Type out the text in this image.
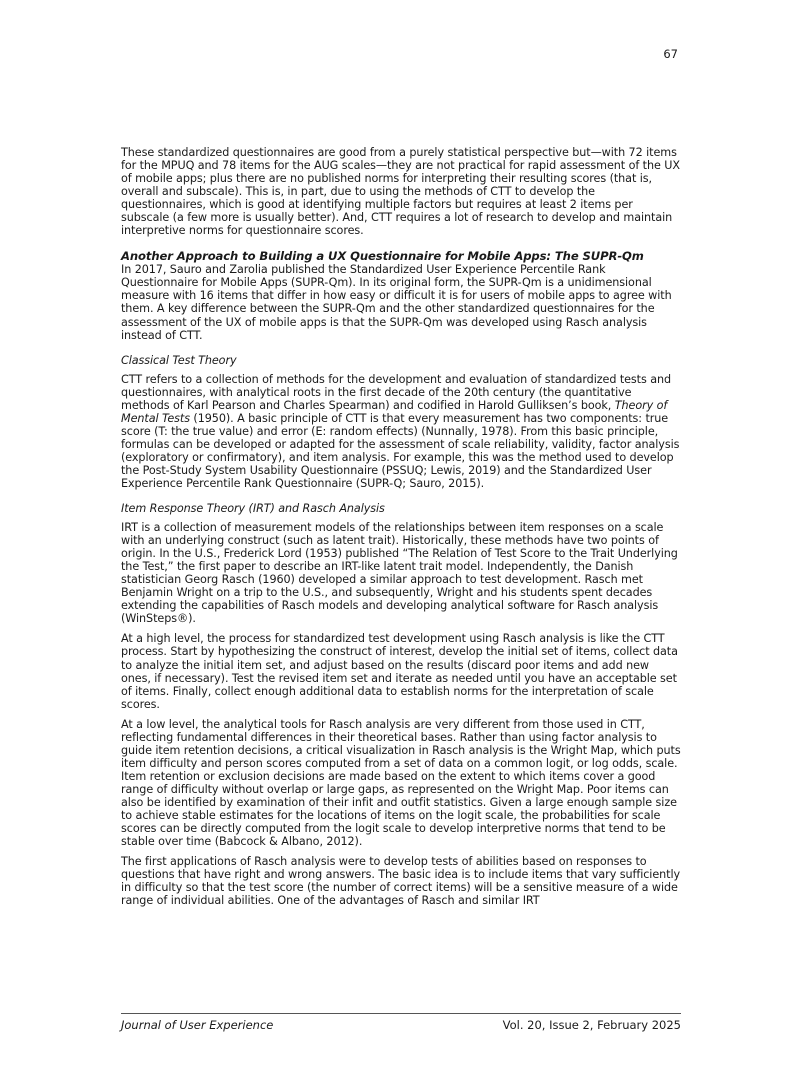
67

These standardized questionnaires are good from a purely statistical perspective but—with 72 items for the MPUQ and 78 items for the AUG scales—they are not practical for rapid assessment of the UX of mobile apps; plus there are no published norms for interpreting their resulting scores (that is, overall and subscale). This is, in part, due to using the methods of CTT to develop the questionnaires, which is good at identifying multiple factors but requires at least 2 items per subscale (a few more is usually better). And, CTT requires a lot of research to develop and maintain interpretive norms for questionnaire scores.

Another Approach to Building a UX Questionnaire for Mobile Apps: The SUPR-Qm

In 2017, Sauro and Zarolia published the Standardized User Experience Percentile Rank Questionnaire for Mobile Apps (SUPR-Qm). In its original form, the SUPR-Qm is a unidimensional measure with 16 items that differ in how easy or difficult it is for users of mobile apps to agree with them. A key difference between the SUPR-Qm and the other standardized questionnaires for the assessment of the UX of mobile apps is that the SUPR-Qm was developed using Rasch analysis instead of CTT.

Classical Test Theory

CTT refers to a collection of methods for the development and evaluation of standardized tests and questionnaires, with analytical roots in the first decade of the 20th century (the quantitative methods of Karl Pearson and Charles Spearman) and codified in Harold Gulliksen’s book, Theory of Mental Tests (1950). A basic principle of CTT is that every measurement has two components: true score (T: the true value) and error (E: random effects) (Nunnally, 1978). From this basic principle, formulas can be developed or adapted for the assessment of scale reliability, validity, factor analysis (exploratory or confirmatory), and item analysis. For example, this was the method used to develop the Post-Study System Usability Questionnaire (PSSUQ; Lewis, 2019) and the Standardized User Experience Percentile Rank Questionnaire (SUPR-Q; Sauro, 2015).

Item Response Theory (IRT) and Rasch Analysis

IRT is a collection of measurement models of the relationships between item responses on a scale with an underlying construct (such as latent trait). Historically, these methods have two points of origin. In the U.S., Frederick Lord (1953) published “The Relation of Test Score to the Trait Underlying the Test,” the first paper to describe an IRT-like latent trait model. Independently, the Danish statistician Georg Rasch (1960) developed a similar approach to test development. Rasch met Benjamin Wright on a trip to the U.S., and subsequently, Wright and his students spent decades extending the capabilities of Rasch models and developing analytical software for Rasch analysis (WinSteps®).

At a high level, the process for standardized test development using Rasch analysis is like the CTT process. Start by hypothesizing the construct of interest, develop the initial set of items, collect data to analyze the initial item set, and adjust based on the results (discard poor items and add new ones, if necessary). Test the revised item set and iterate as needed until you have an acceptable set of items. Finally, collect enough additional data to establish norms for the interpretation of scale scores.

At a low level, the analytical tools for Rasch analysis are very different from those used in CTT, reflecting fundamental differences in their theoretical bases. Rather than using factor analysis to guide item retention decisions, a critical visualization in Rasch analysis is the Wright Map, which puts item difficulty and person scores computed from a set of data on a common logit, or log odds, scale. Item retention or exclusion decisions are made based on the extent to which items cover a good range of difficulty without overlap or large gaps, as represented on the Wright Map. Poor items can also be identified by examination of their infit and outfit statistics. Given a large enough sample size to achieve stable estimates for the locations of items on the logit scale, the probabilities for scale scores can be directly computed from the logit scale to develop interpretive norms that tend to be stable over time (Babcock & Albano, 2012).

The first applications of Rasch analysis were to develop tests of abilities based on responses to questions that have right and wrong answers. The basic idea is to include items that vary sufficiently in difficulty so that the test score (the number of correct items) will be a sensitive measure of a wide range of individual abilities. One of the advantages of Rasch and similar IRT

Journal of User Experience	Vol. 20, Issue 2, February 2025
